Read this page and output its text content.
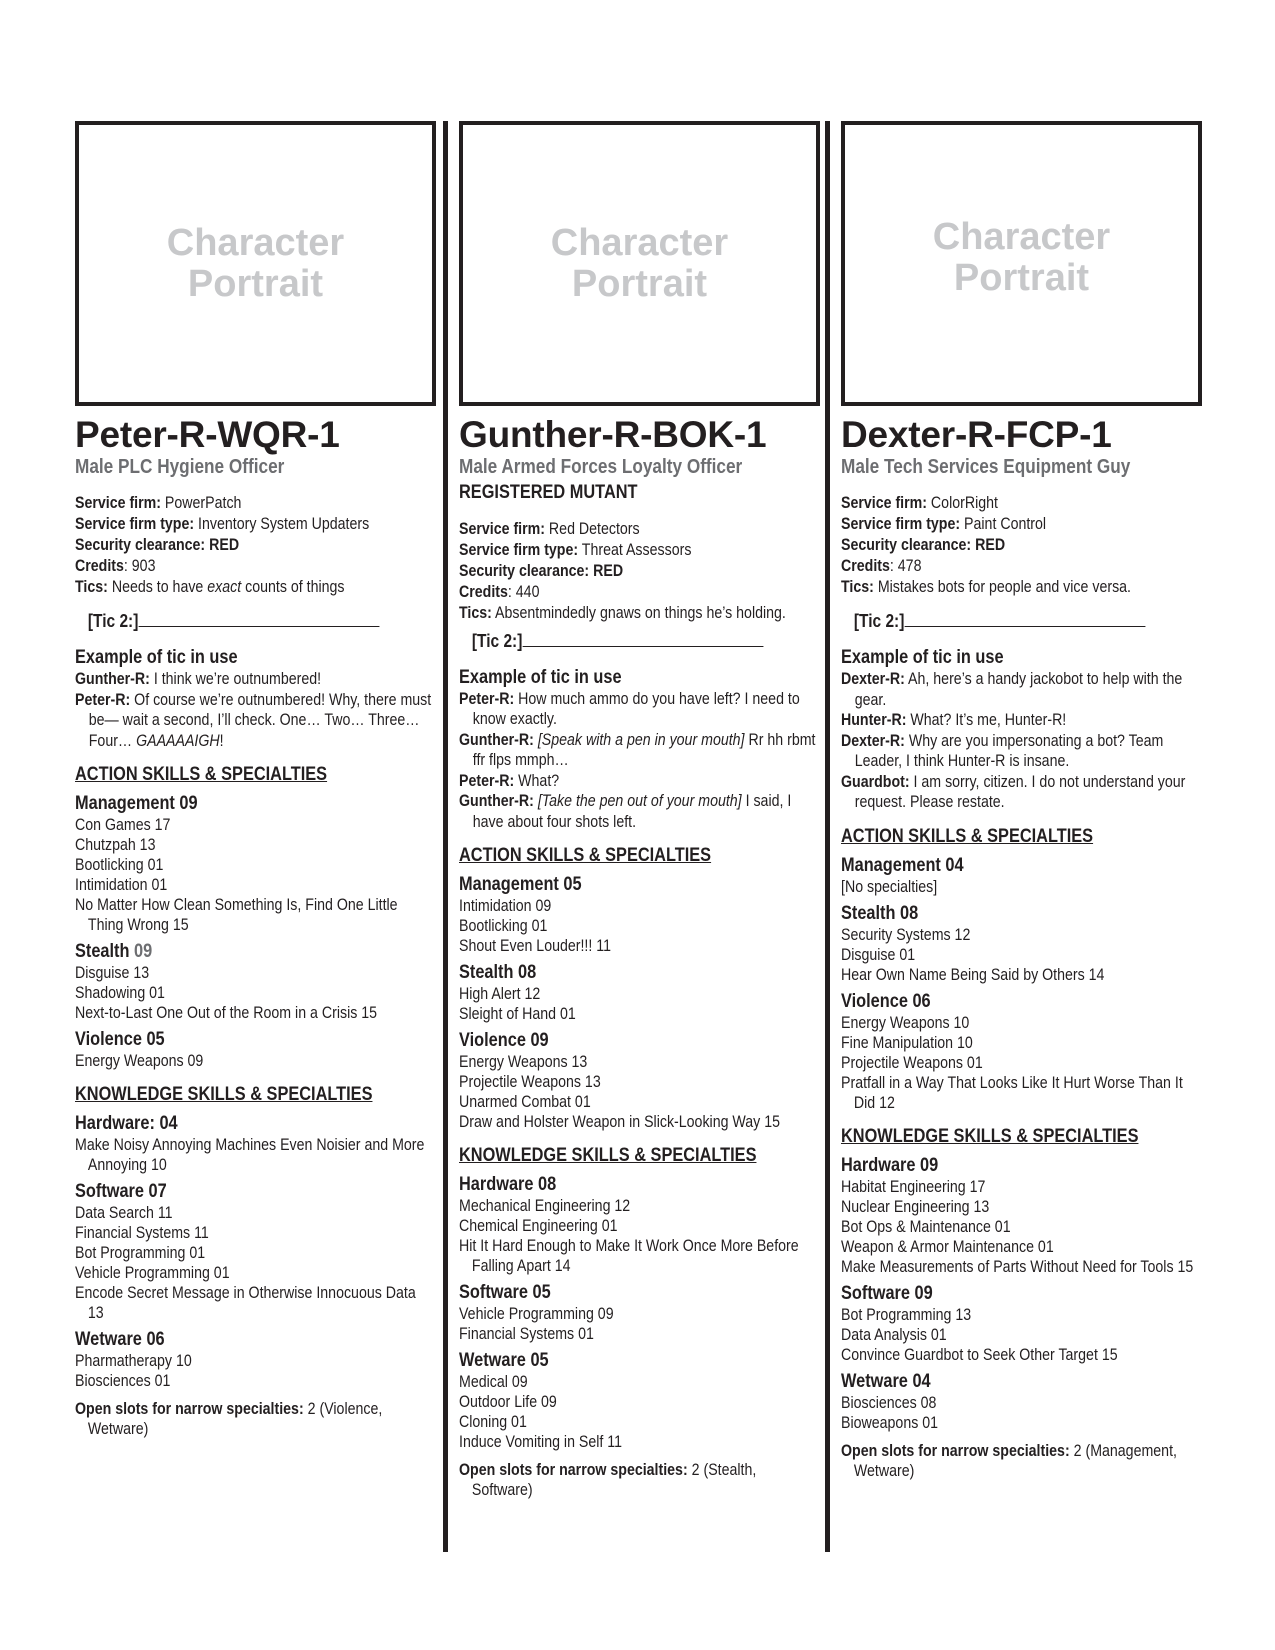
Character
Portrait
Peter-R-WQR-1
Male PLC Hygiene Officer
Service firm: PowerPatch
Service firm type: Inventory System Updaters
Security clearance: RED
Credits: 903
Tics: Needs to have exact counts of things
[Tic 2:]
Example of tic in use
Gunther-R: I think we’re outnumbered!
Peter-R: Of course we’re outnumbered! Why, there must be— wait a second, I’ll check. One… Two… Three… Four… GAAAAAIGH!
ACTION SKILLS & SPECIALTIES
Management 09
Con Games 17
Chutzpah 13
Bootlicking 01
Intimidation 01
No Matter How Clean Something Is, Find One Little Thing Wrong 15
Stealth 09
Disguise 13
Shadowing 01
Next-to-Last One Out of the Room in a Crisis 15
Violence 05
Energy Weapons 09
KNOWLEDGE SKILLS & SPECIALTIES
Hardware: 04
Make Noisy Annoying Machines Even Noisier and More Annoying 10
Software 07
Data Search 11
Financial Systems 11
Bot Programming 01
Vehicle Programming 01
Encode Secret Message in Otherwise Innocuous Data 13
Wetware 06
Pharmatherapy 10
Biosciences 01
Open slots for narrow specialties: 2 (Violence, Wetware)
Character
Portrait
Gunther-R-BOK-1
Male Armed Forces Loyalty Officer
REGISTERED MUTANT
Service firm: Red Detectors
Service firm type: Threat Assessors
Security clearance: RED
Credits: 440
Tics: Absentmindedly gnaws on things he’s holding.
[Tic 2:]
Example of tic in use
Peter-R: How much ammo do you have left? I need to know exactly.
Gunther-R: [Speak with a pen in your mouth] Rr hh rbmt ffr flps mmph…
Peter-R: What?
Gunther-R: [Take the pen out of your mouth] I said, I have about four shots left.
ACTION SKILLS & SPECIALTIES
Management 05
Intimidation 09
Bootlicking 01
Shout Even Louder!!! 11
Stealth 08
High Alert 12
Sleight of Hand 01
Violence 09
Energy Weapons 13
Projectile Weapons 13
Unarmed Combat 01
Draw and Holster Weapon in Slick-Looking Way 15
KNOWLEDGE SKILLS & SPECIALTIES
Hardware 08
Mechanical Engineering 12
Chemical Engineering 01
Hit It Hard Enough to Make It Work Once More Before Falling Apart 14
Software 05
Vehicle Programming 09
Financial Systems 01
Wetware 05
Medical 09
Outdoor Life 09
Cloning 01
Induce Vomiting in Self 11
Open slots for narrow specialties: 2 (Stealth, Software)
Character
Portrait
Dexter-R-FCP-1
Male Tech Services Equipment Guy
Service firm: ColorRight
Service firm type: Paint Control
Security clearance: RED
Credits: 478
Tics: Mistakes bots for people and vice versa.
[Tic 2:]
Example of tic in use
Dexter-R: Ah, here’s a handy jackobot to help with the gear.
Hunter-R: What? It’s me, Hunter-R!
Dexter-R: Why are you impersonating a bot? Team Leader, I think Hunter-R is insane.
Guardbot: I am sorry, citizen. I do not understand your request. Please restate.
ACTION SKILLS & SPECIALTIES
Management 04
[No specialties]
Stealth 08
Security Systems 12
Disguise 01
Hear Own Name Being Said by Others 14
Violence 06
Energy Weapons 10
Fine Manipulation 10
Projectile Weapons 01
Pratfall in a Way That Looks Like It Hurt Worse Than It Did 12
KNOWLEDGE SKILLS & SPECIALTIES
Hardware 09
Habitat Engineering 17
Nuclear Engineering 13
Bot Ops & Maintenance 01
Weapon & Armor Maintenance 01
Make Measurements of Parts Without Need for Tools 15
Software 09
Bot Programming 13
Data Analysis 01
Convince Guardbot to Seek Other Target 15
Wetware 04
Biosciences 08
Bioweapons 01
Open slots for narrow specialties: 2 (Management, Wetware)
